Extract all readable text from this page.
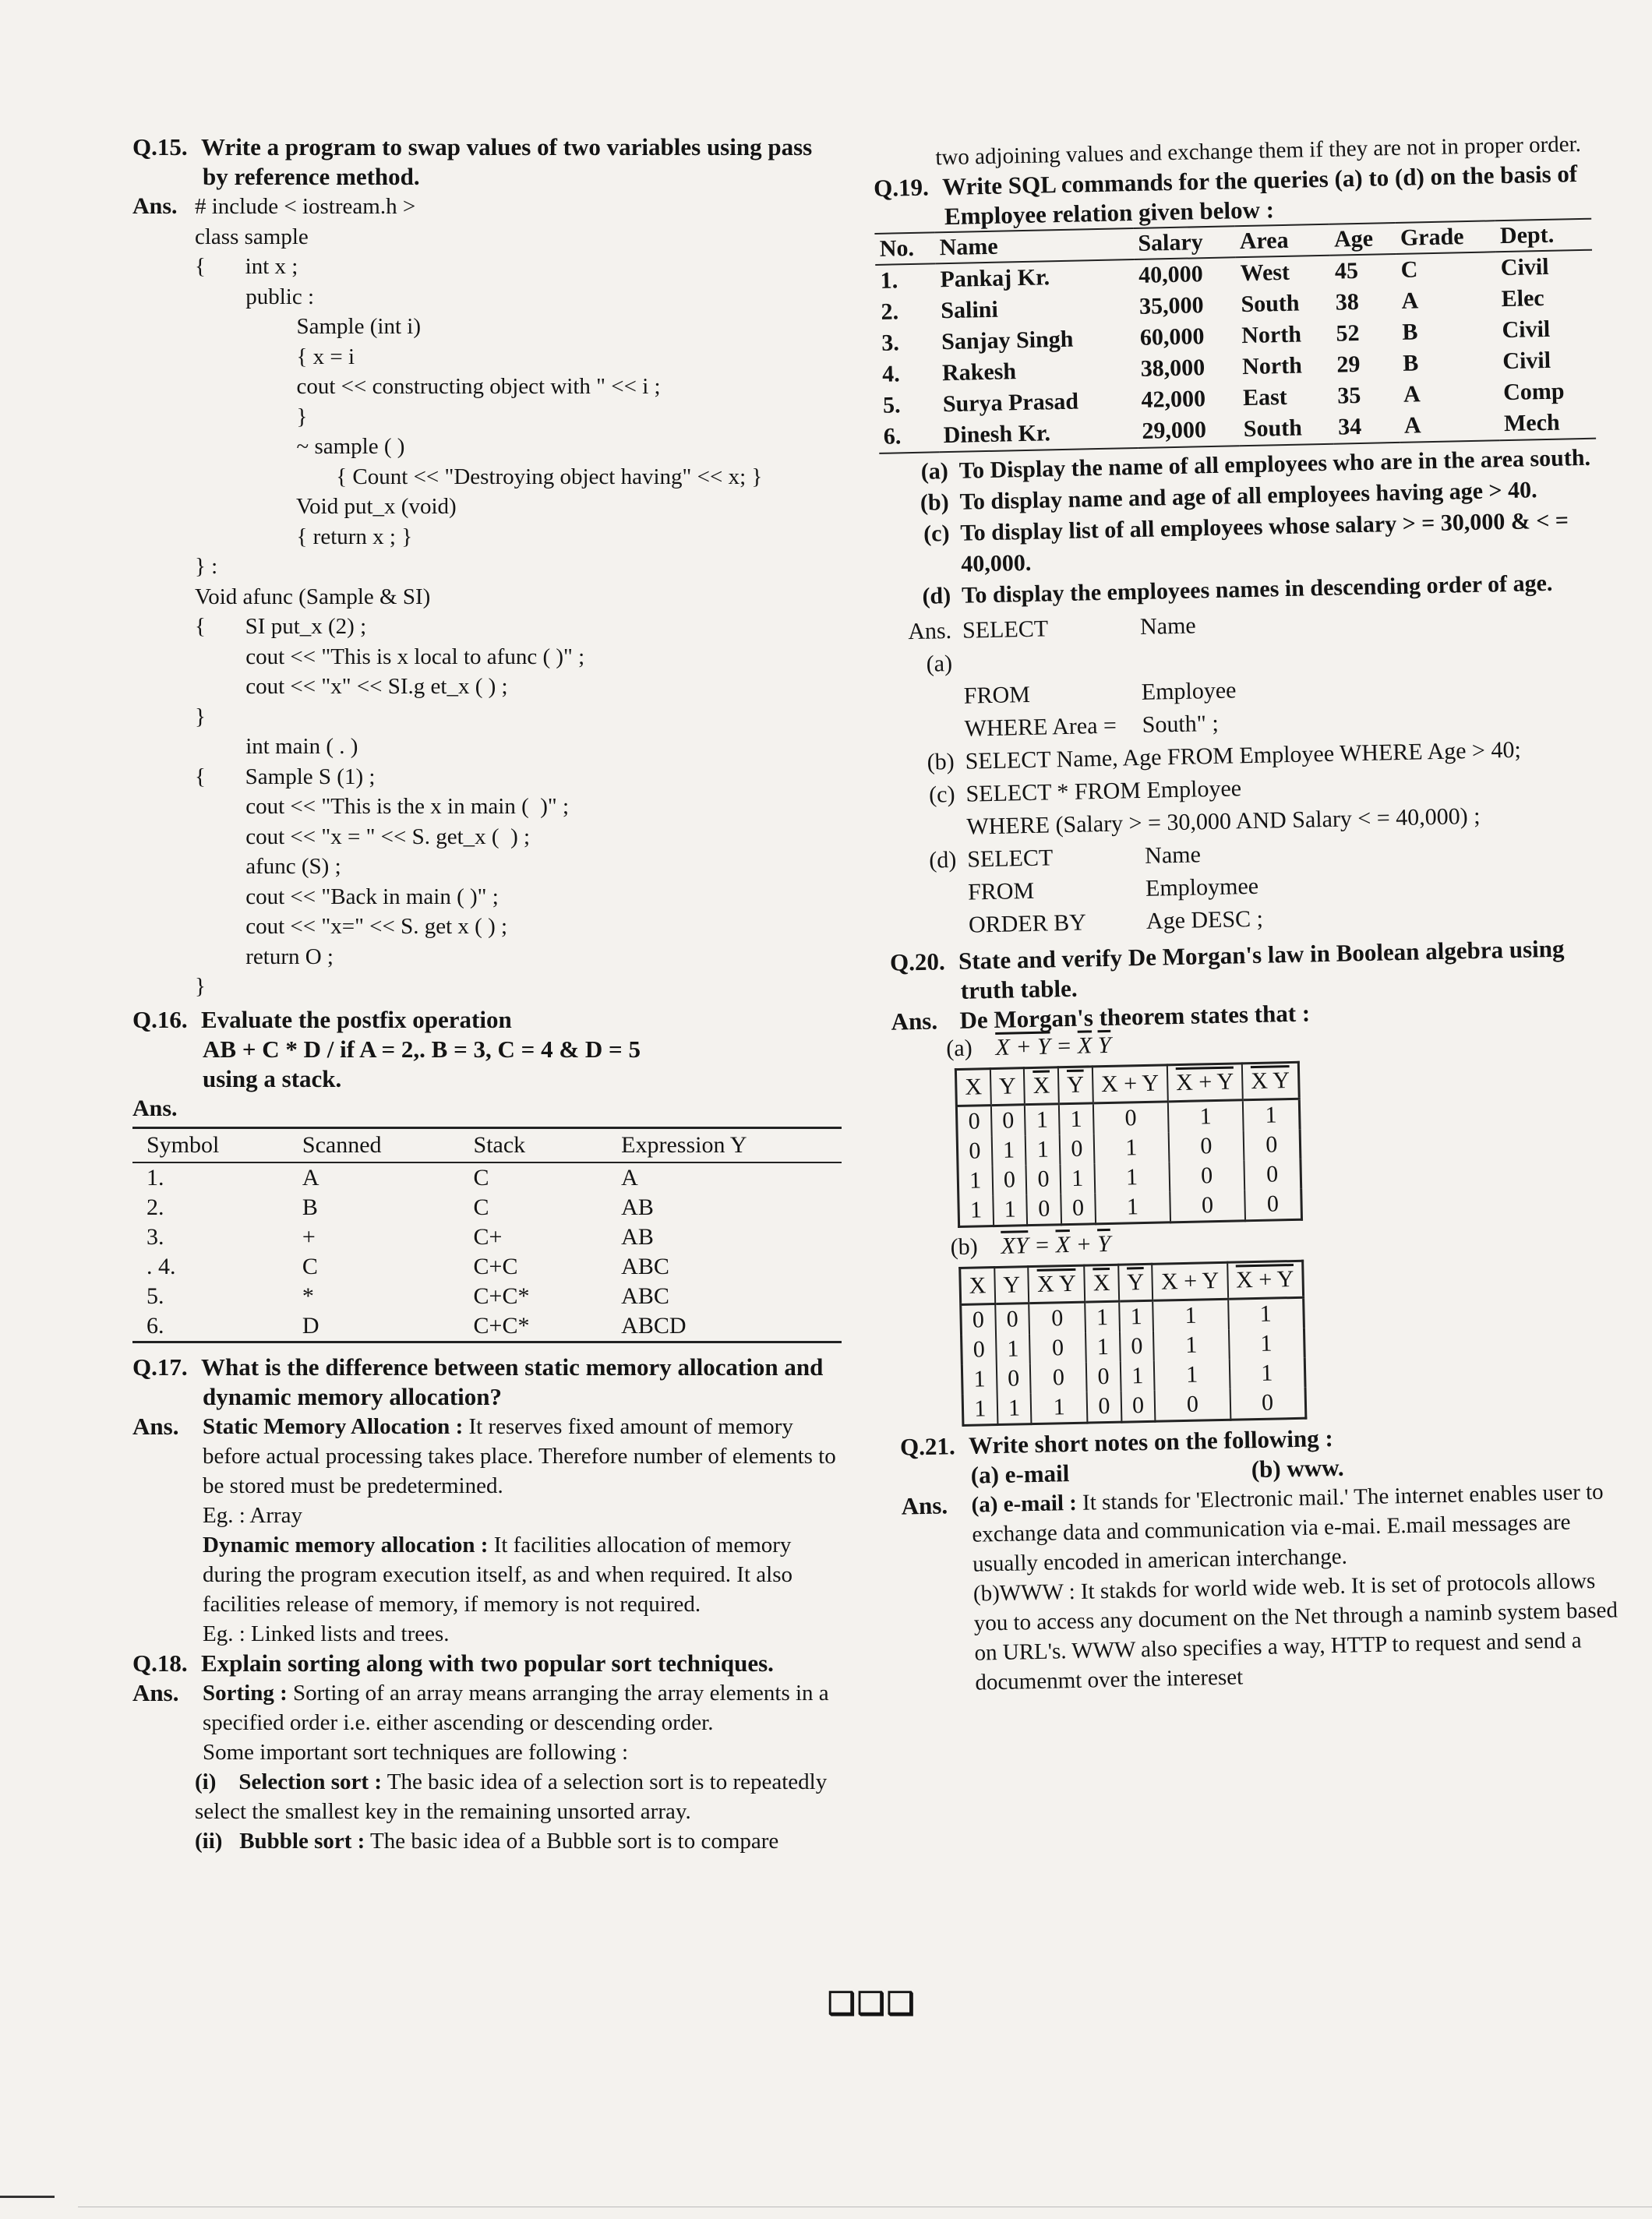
Q.15. Write a program to swap values of two variables using pass
by reference method.

Ans. # include < iostream.h >
class sample
{       int x ;
public :
Sample (int i)
{ x = i
cout << constructing object with " << i ;
}
~ sample ( )
{ Count << "Destroying object having" << x; }
Void put_x (void)
{ return x ; }
} :
Void afunc (Sample & SI)
{       SI put_x (2) ;
cout << "This is x local to afunc ( )" ;
cout << "x" << SI.g et_x ( ) ;
}
int main ( . )
{       Sample S (1) ;
cout << "This is the x in main (  )" ;
cout << "x = " << S. get_x (  ) ;
afunc (S) ;
cout << "Back in main ( )" ;
cout << "x=" << S. get x ( ) ;
return O ;
}

Q.16. Evaluate the postfix operation
AB + C * D / if A = 2,. B = 3, C = 4 & D = 5
using a stack.

Ans.

Symbol	Scanned	Stack	Expression Y
1.	A	C	A
2.	B	C	AB
3.	+	C+	AB
. 4.	C	C+C	ABC
5.	*	C+C*	ABC
6.	D	C+C*	ABCD

Q.17. What is the difference between static memory allocation and
dynamic memory allocation?

Ans.	Static Memory Allocation : It reserves fixed amount of memory before actual processing takes place. Therefore number of elements to be stored must be predetermined.
Eg. : Array
Dynamic memory allocation : It facilities allocation of memory during the program execution itself, as and when required. It also facilities release of memory, if memory is not required.
Eg. : Linked lists and trees.

Q.18. Explain sorting along with two popular sort techniques.

Ans.	Sorting : Sorting of an array means arranging the array elements in a specified order i.e. either ascending or descending order.
Some important sort techniques are following :
(i) Selection sort : The basic idea of a selection sort is to repeatedly select the smallest key in the remaining unsorted array.
(ii) Bubble sort : The basic idea of a Bubble sort is to compare

two adjoining values and exchange them if they are not in proper order.

Q.19. Write SQL commands for the queries (a) to (d) on the basis of
Employee relation given below :

No.	Name	Salary	Area	Age	Grade	Dept.
1.	Pankaj Kr.	40,000	West	45	C	Civil
2.	Salini	35,000	South	38	A	Elec
3.	Sanjay Singh	60,000	North	52	B	Civil
4.	Rakesh	38,000	North	29	B	Civil
5.	Surya Prasad	42,000	East	35	A	Comp
6.	Dinesh Kr.	29,000	South	34	A	Mech
(a) To Display the name of all employees who are in the area south.
(b) To display name and age of all employees having age > 40.
(c) To display list of all employees whose salary > = 30,000 & < = 40,000.
(d) To display the employees names in descending order of age.
Ans. (a)
SELECT	Name
FROM	Employee
WHERE Area =	South" ;
(b) SELECT Name, Age FROM Employee WHERE Age > 40;
(c) SELECT * FROM Employee
WHERE (Salary > = 30,000 AND Salary < = 40,000) ;
(d) SELECT	Name
FROM	Employmee
ORDER BY	Age DESC ;

Q.20. State and verify De Morgan's law in Boolean algebra using
truth table.

Ans. De Morgan's theorem states that :

(a) $X + Y = \overline{X}$ $\overline{Y}$
X	Y	$\overline{X}$	$\overline{Y}$	X + Y	X + Y	X Y
0	0	1	1	0	1	1
0	1	1	0	1	0	0
1	0	0	1	1	0	0
1	1	0	0	1	0	0
(b) $\overline{XY} = \overline{X} + \overline{Y}$
X	Y	X Y	$\overline{X}$	$\overline{Y}$	X + Y	X + Y
0	0	0	1	1	1	1
0	1	0	1	0	1	1
1	0	0	0	1	1	1
1	1	1	0	0	0	0

Q.21. Write short notes on the following :

(a) e-mail	(b) www.

Ans.	(a) e-mail : It stands for 'Electronic mail.' The internet enables user to exchange data and communication via e-mai. E.mail messages are usually encoded in american interchange.
(b)WWW : It stakds for world wide web. It is set of protocols allows you to access any document on the Net through a naminb system based on URL's. WWW also specifies a way, HTTP to request and send a documenmt over the intereset
❑❑❑
